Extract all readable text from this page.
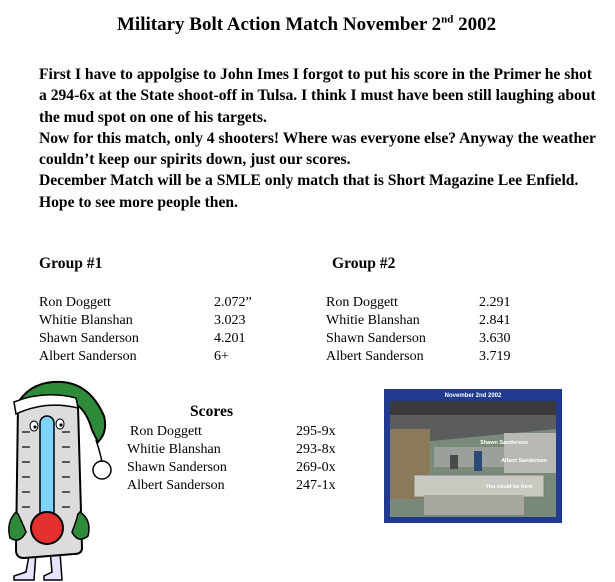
Military Bolt Action Match November 2nd 2002

First I have to appolgise to John Imes I forgot to put his score in the Primer he shot a 294-6x at the State shoot-off in Tulsa. I think I must have been still laughing about the mud spot on one of his targets.

Now for this match, only 4 shooters! Where was everyone else? Anyway the weather couldn’t keep our spirits down, just our scores.

December Match will be a SMLE only match that is Short Magazine Lee Enfield.

Hope to see more people then.

Group #1	Group #2
Ron Doggett	2.072”
Whitie Blanshan	3.023
Shawn Sanderson	4.201
Albert Sanderson	6+
Ron Doggett	2.291
Whitie Blanshan	2.841
Shawn Sanderson	3.630
Albert Sanderson	3.719
Scores
Ron Doggett	295-9x
Whitie Blanshan	293-8x
Shawn Sanderson	269-0x
Albert Sanderson	247-1x
November 2nd 2002
Shawn Sanderson
Albert Sanderson
You could be here
